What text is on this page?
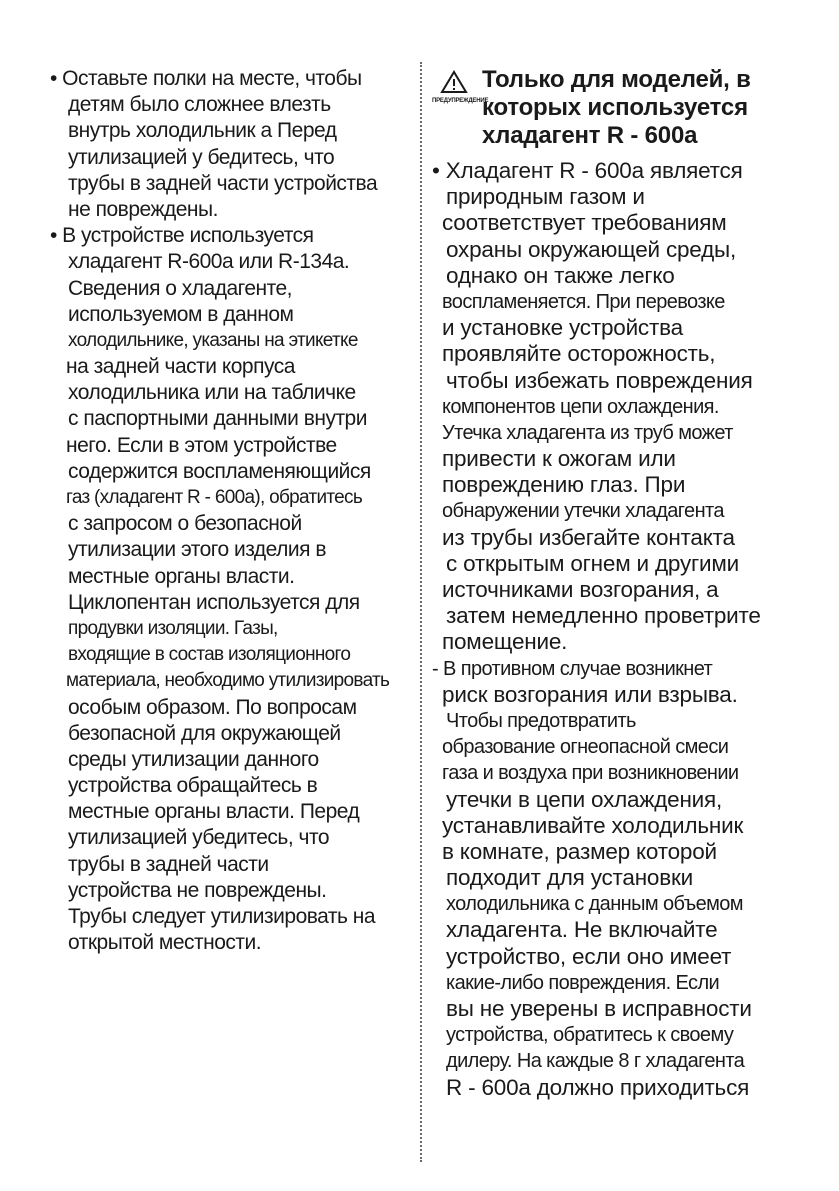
• Оставьте полки на месте, чтобы
детям было сложнее влезть
внутрь холодильник а Перед
утилизацией у бедитесь, что
трубы в задней части устройства
не повреждены.
• В устройстве используется
хладагент R-600a или R-134a.
Сведения о хладагенте,
используемом в данном
холодильнике, указаны на этикетке
на задней части корпуса
холодильника или на табличке
с паспортными данными внутри
него. Если в этом устройстве
содержится воспламеняющийся
газ (хладагент R - 600a), обратитесь
с запросом о безопасной
утилизации этого изделия в
местные органы власти.
Циклопентан используется для
продувки изоляции. Газы,
входящие в состав изоляционного
материала, необходимо утилизировать
особым образом. По вопросам
безопасной для окружающей
среды утилизации данного
устройства обращайтесь в
местные органы власти. Перед
утилизацией убедитесь, что
трубы в задней части
устройства не повреждены.
Трубы следует утилизировать на
открытой местности.
ПРЕДУПРЕЖДЕНИЕ
Только для моделей, в
которых используется
хладагент R - 600a
• Хладагент R - 600a является
природным газом и
соответствует требованиям
охраны окружающей среды,
однако он также легко
воспламеняется. При перевозке
и установке устройства
проявляйте осторожность,
чтобы избежать повреждения
компонентов цепи охлаждения.
Утечка хладагента из труб может
привести к ожогам или
повреждению глаз. При
обнаружении утечки хладагента
из трубы избегайте контакта
с открытым огнем и другими
источниками возгорания, а
затем немедленно проветрите
помещение.
- В противном случае возникнет
риск возгорания или взрыва.
Чтобы предотвратить
образование огнеопасной смеси
газа и воздуха при возникновении
утечки в цепи охлаждения,
устанавливайте холодильник
в комнате, размер которой
подходит для установки
холодильника с данным объемом
хладагента. Не включайте
устройство, если оно имеет
какие-либо повреждения. Если
вы не уверены в исправности
устройства, обратитесь к своему
дилеру. На каждые 8 г хладагента
R - 600a должно приходиться
